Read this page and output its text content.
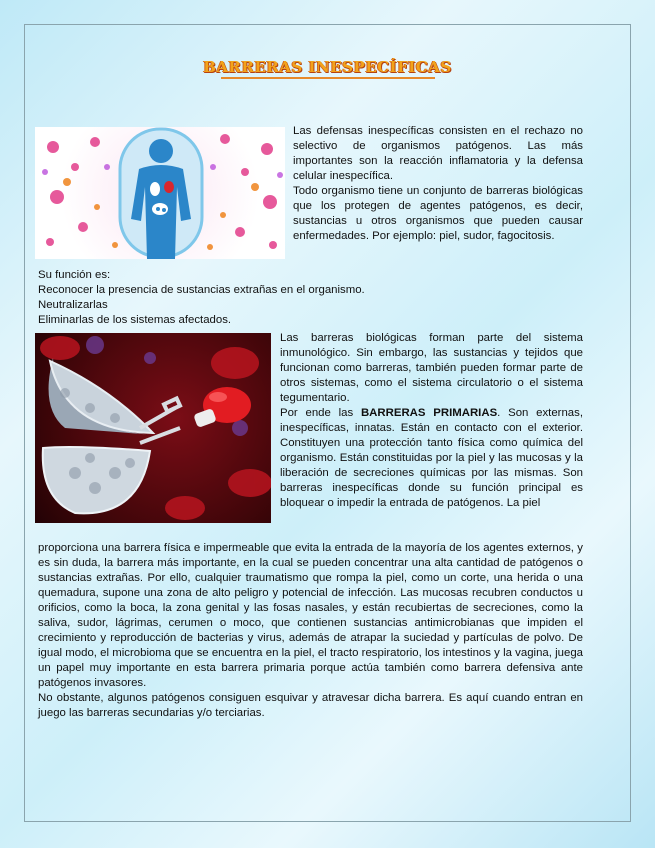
BARRERAS INESPECÍFICAS

Las defensas inespecíficas consisten en el rechazo no selectivo de organismos patógenos. Las más importantes son la reacción inflamatoria y la defensa celular inespecífica.

Todo organismo tiene un conjunto de barreras biológicas que los protegen de agentes patógenos, es decir, sustancias u otros organismos que pueden causar enfermedades. Por ejemplo: piel, sudor, fagocitosis.

Su función es:

Reconocer la presencia de sustancias extrañas en el organismo.

Neutralizarlas

Eliminarlas de los sistemas afectados.

Las barreras biológicas forman parte del sistema inmunológico. Sin embargo, las sustancias y tejidos que funcionan como barreras, también pueden formar parte de otros sistemas, como el sistema circulatorio o el sistema tegumentario.

Por ende las BARRERAS PRIMARIAS. Son externas, inespecíficas, innatas. Están en contacto con el exterior. Constituyen una protección tanto física como química del organismo. Están constituidas por la piel y las mucosas y la liberación de secreciones químicas por las mismas. Son barreras inespecíficas donde su función principal es bloquear o impedir la entrada de patógenos. La piel

proporciona una barrera física e impermeable que evita la entrada de la mayoría de los agentes externos, y es sin duda, la barrera más importante, en la cual se pueden concentrar una alta cantidad de patógenos o sustancias extrañas. Por ello, cualquier traumatismo que rompa la piel, como un corte, una herida o una quemadura, supone una zona de alto peligro y potencial de infección. Las mucosas recubren conductos u orificios, como la boca, la zona genital y las fosas nasales, y están recubiertas de secreciones, como la saliva, sudor, lágrimas, cerumen o moco, que contienen sustancias antimicrobianas que impiden el crecimiento y reproducción de bacterias y virus, además de atrapar la suciedad y partículas de polvo. De igual modo, el microbioma que se encuentra en la piel, el tracto respiratorio, los intestinos y la vagina, juega un papel muy importante en esta barrera primaria porque actúa también como barrera defensiva ante patógenos invasores.

No obstante, algunos patógenos consiguen esquivar y atravesar dicha barrera. Es aquí cuando entran en juego las barreras secundarias y/o terciarias.
